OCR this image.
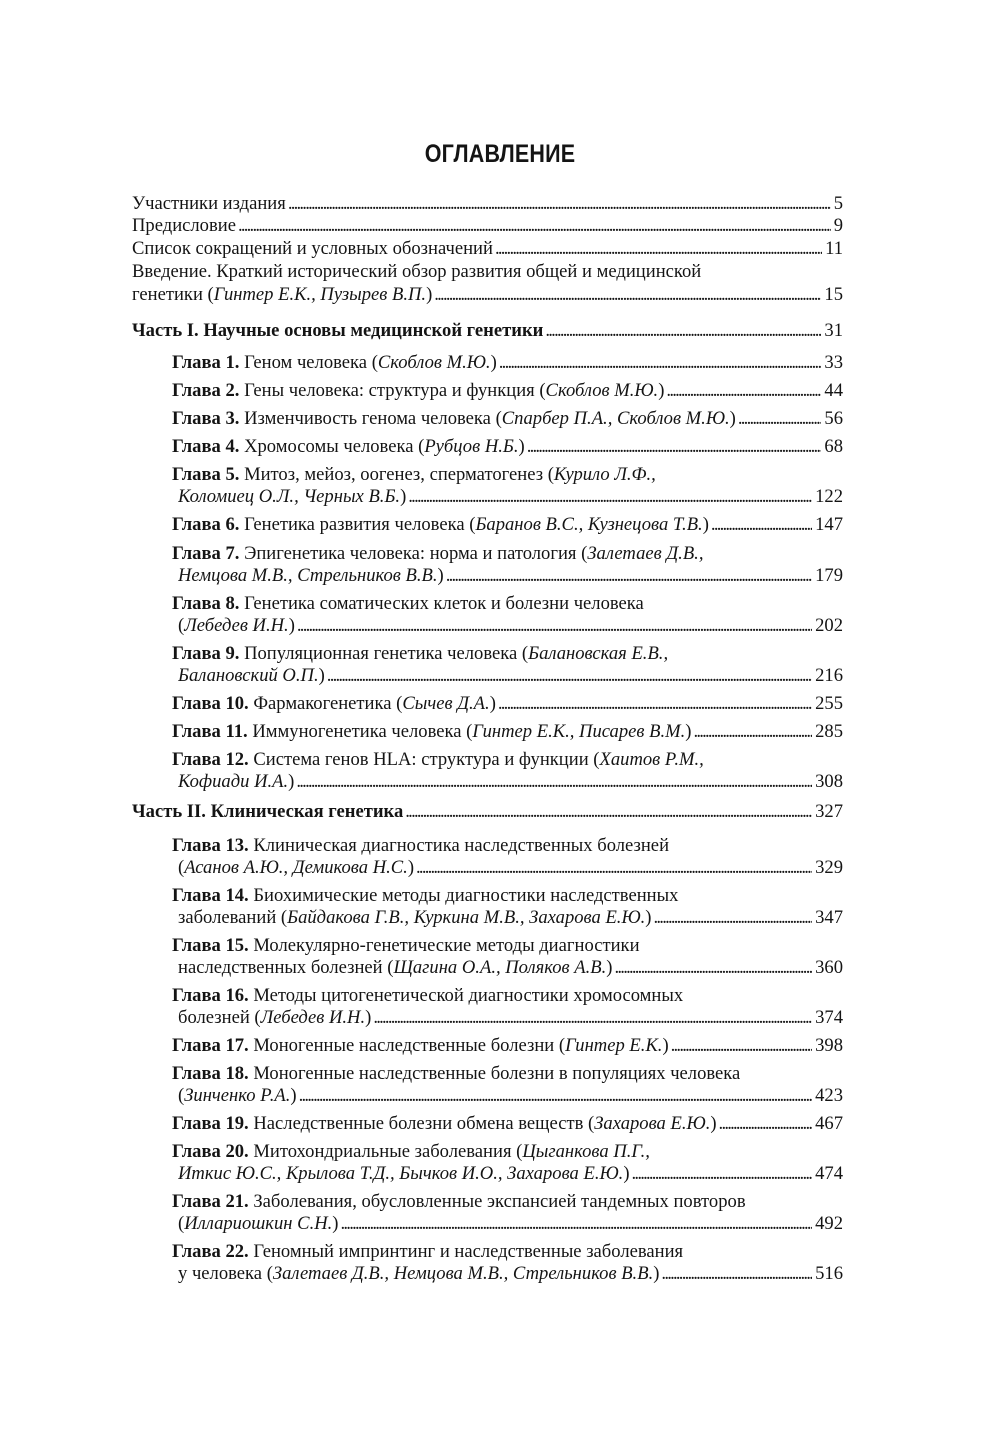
ОГЛАВЛЕНИЕ
Участники издания . . .	5
Предисловие . . .	9
Список сокращений и условных обозначений . . .	11
Введение. Краткий исторический обзор развития общей и медицинской
генетики (Гинтер Е.К., Пузырев В.П.) . . .	15
Часть I. Научные основы медицинской генетики . . .	31
Глава 1. Геном человека (Скоблов М.Ю.) . . .	33
Глава 2. Гены человека: структура и функция (Скоблов М.Ю.) . . .	44
Глава 3. Изменчивость генома человека (Спарбер П.А., Скоблов М.Ю.) . . .	56
Глава 4. Хромосомы человека (Рубцов Н.Б.) . . .	68
Глава 5. Митоз, мейоз, оогенез, сперматогенез (Курило Л.Ф.,
Коломиец О.Л., Черных В.Б.) . . .	122
Глава 6. Генетика развития человека (Баранов В.С., Кузнецова Т.В.) . . .	147
Глава 7. Эпигенетика человека: норма и патология (Залетаев Д.В.,
Немцова М.В., Стрельников В.В.) . . .	179
Глава 8. Генетика соматических клеток и болезни человека
(Лебедев И.Н.) . . .	202
Глава 9. Популяционная генетика человека (Балановская Е.В.,
Балановский О.П.) . . .	216
Глава 10. Фармакогенетика (Сычев Д.А.) . . .	255
Глава 11. Иммуногенетика человека (Гинтер Е.К., Писарев В.М.) . . .	285
Глава 12. Система генов HLA: структура и функции (Хаитов Р.М.,
Кофиади И.А.) . . .	308
Часть II. Клиническая генетика . . .	327
Глава 13. Клиническая диагностика наследственных болезней
(Асанов А.Ю., Демикова Н.С.) . . .	329
Глава 14. Биохимические методы диагностики наследственных
заболеваний (Байдакова Г.В., Куркина М.В., Захарова Е.Ю.) . . .	347
Глава 15. Молекулярно-генетические методы диагностики
наследственных болезней (Щагина О.А., Поляков А.В.) . . .	360
Глава 16. Методы цитогенетической диагностики хромосомных
болезней (Лебедев И.Н.) . . .	374
Глава 17. Моногенные наследственные болезни (Гинтер Е.К.) . . .	398
Глава 18. Моногенные наследственные болезни в популяциях человека
(Зинченко Р.А.) . . .	423
Глава 19. Наследственные болезни обмена веществ (Захарова Е.Ю.) . . .	467
Глава 20. Митохондриальные заболевания (Цыганкова П.Г.,
Иткис Ю.С., Крылова Т.Д., Бычков И.О., Захарова Е.Ю.) . . .	474
Глава 21. Заболевания, обусловленные экспансией тандемных повторов
(Иллариошкин С.Н.) . . .	492
Глава 22. Геномный импринтинг и наследственные заболевания
у человека (Залетаев Д.В., Немцова М.В., Стрельников В.В.) . . .	516
